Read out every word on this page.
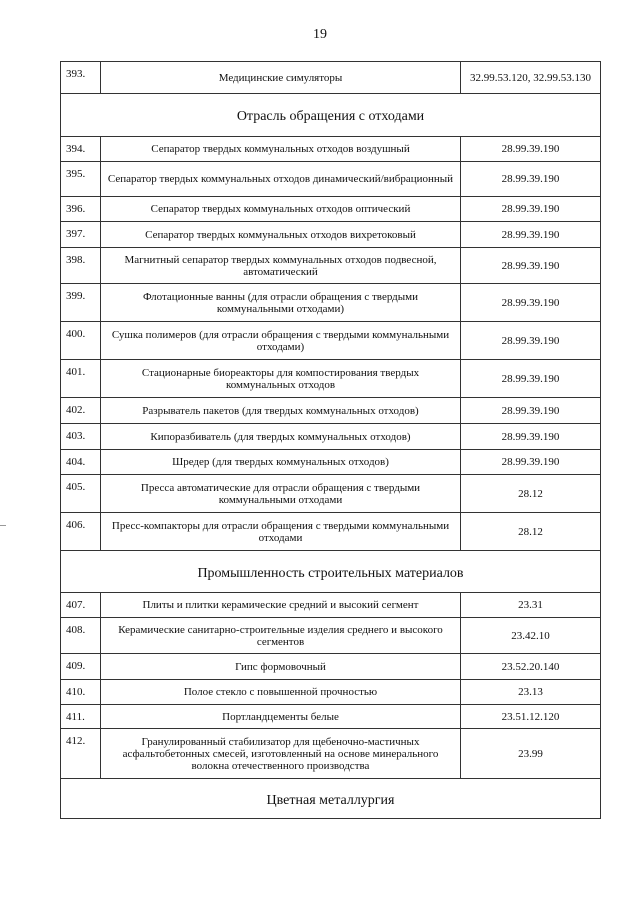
19
393.	Медицинские симуляторы	32.99.53.120, 32.99.53.130
Отрасль обращения с отходами		
394.	Сепаратор твердых коммунальных отходов воздушный	28.99.39.190
395.	Сепаратор твердых коммунальных отходов динамический/вибрационный	28.99.39.190
396.	Сепаратор твердых коммунальных отходов оптический	28.99.39.190
397.	Сепаратор твердых коммунальных отходов вихретоковый	28.99.39.190
398.	Магнитный сепаратор твердых коммунальных отходов подвесной, автоматический	28.99.39.190
399.	Флотационные ванны (для отрасли обращения с твердыми коммунальными отходами)	28.99.39.190
400.	Сушка полимеров (для отрасли обращения с твердыми коммунальными отходами)	28.99.39.190
401.	Стационарные биореакторы для компостирования твердых коммунальных отходов	28.99.39.190
402.	Разрыватель пакетов (для твердых коммунальных отходов)	28.99.39.190
403.	Кипоразбиватель (для твердых коммунальных отходов)	28.99.39.190
404.	Шредер (для твердых коммунальных отходов)	28.99.39.190
405.	Пресса автоматические для отрасли обращения с твердыми коммунальными отходами	28.12
406.	Пресс-компакторы для отрасли обращения с твердыми коммунальными отходами	28.12
Промышленность строительных материалов		
407.	Плиты и плитки керамические средний и высокий сегмент	23.31
408.	Керамические санитарно-строительные изделия среднего и высокого сегментов	23.42.10
409.	Гипс формовочный	23.52.20.140
410.	Полое стекло с повышенной прочностью	23.13
411.	Портландцементы белые	23.51.12.120
412.	Гранулированный стабилизатор для щебеночно-мастичных асфальтобетонных смесей, изготовленный на основе минерального волокна отечественного производства	23.99
Цветная металлургия		
